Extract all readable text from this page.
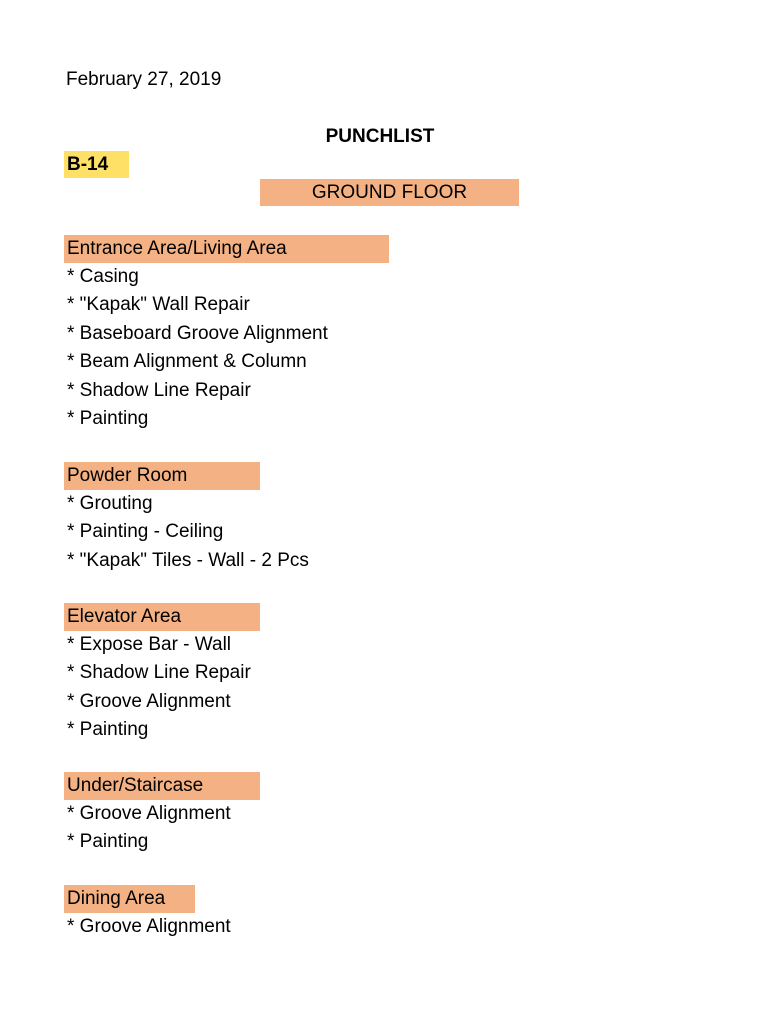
February 27, 2019
PUNCHLIST
B-14
GROUND FLOOR
Entrance Area/Living Area
* Casing
* "Kapak" Wall Repair
* Baseboard Groove Alignment
* Beam Alignment & Column
* Shadow Line Repair
* Painting
Powder Room
* Grouting
* Painting - Ceiling
* "Kapak" Tiles - Wall - 2 Pcs
Elevator Area
* Expose Bar - Wall
* Shadow Line Repair
* Groove Alignment
* Painting
Under/Staircase
* Groove Alignment
* Painting
Dining Area
* Groove Alignment
